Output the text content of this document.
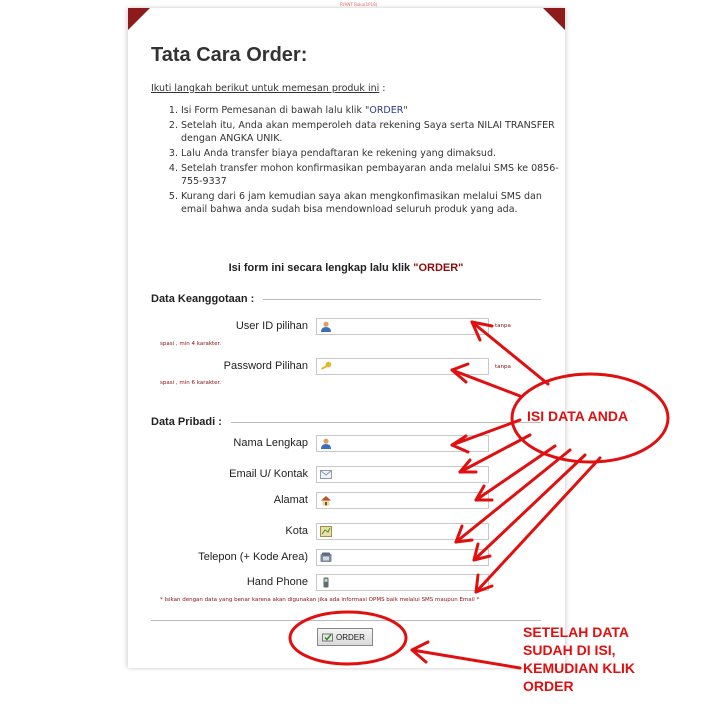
RYANT Boku(1P18)
Tata Cara Order:
Ikuti langkah berikut untuk memesan produk ini :
1. Isi Form Pemesanan di bawah lalu klik "ORDER"
2. Setelah itu, Anda akan memperoleh data rekening Saya serta NILAI TRANSFER dengan ANGKA UNIK.
3. Lalu Anda transfer biaya pendaftaran ke rekening yang dimaksud.
4. Setelah transfer mohon konfirmasikan pembayaran anda melalui SMS ke 0856-755-9337
5. Kurang dari 6 jam kemudian saya akan mengkonfimasikan melalui SMS dan email bahwa anda sudah bisa mendownload seluruh produk yang ada.
Isi form ini secara lengkap lalu klik "ORDER"
Data Keanggotaan :
User ID pilihan	tanpa
spasi , min 4 karakter.
Password Pilihan	tanpa
spasi , min 6 karakter.
Data Pribadi :
Nama Lengkap
Email U/ Kontak
Alamat
Kota
Telepon (+ Kode Area)
Hand Phone
* Isikan dengan data yang benar karena akan digunakan jika ada informasi OPMS baik melalui SMS maupun Email *
ORDER
ISI DATA ANDA
SETELAH DATA
SUDAH DI ISI,
KEMUDIAN KLIK
ORDER
